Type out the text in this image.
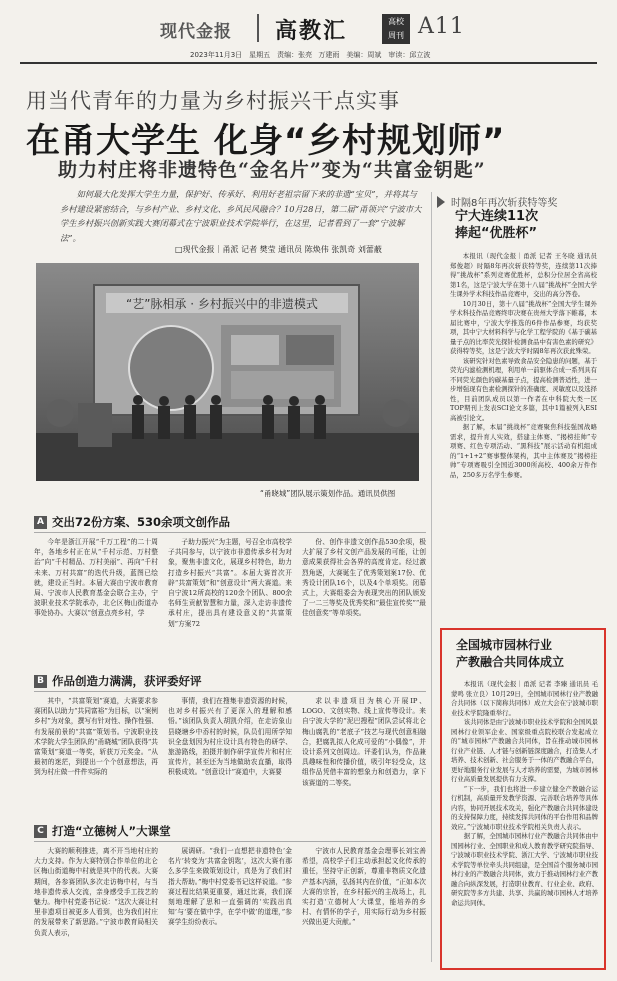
现代金报 高教汇	高校
周刊 A11
2023年11月3日　星期五　责编：张亮 万建雨　美编：周斌　审读：邱立波
用当代青年的力量为乡村振兴干点实事
在甬大学生 化身“乡村规划师”
助力村庄将非遗特色“金名片”变为“共富金钥匙”
如何最大化发挥大学生力量，保护好、传承好、利用好老祖宗留下来的非遗“宝贝”，并将其与乡村建设紧密结合，与乡村产业、乡村文化、乡风民风融合？10月28日，第二届“甬领兴”宁波市大学生乡村振兴创新实践大赛闭幕式在宁波职业技术学院举行，在这里，记者看到了一套“宁波解法”。
□现代金报｜甬派 记者 樊莹 通讯员 陈焕伟 张凯奇 刘蕾蔽
“艺”脉相承 · 乡村振兴中的非遗模式
“甬晓城”团队展示策划作品。通讯员供图
A 交出72份方案、530余项文创作品
今年是浙江开展“千万工程”的二十周年，各地乡村正在从“千村示范、万村整治”向“千村精品、万村美丽”、再向“千村未来、万村共富”的迭代升级，蓝图已绘就，建设正当时。本届大赛由宁波市教育局、宁波市人民教育基金会联合主办，宁波职业技术学院承办，北仑区梅山街道办事处协办。大赛以“创意点亮乡村，学
子助力振兴”为主题，号召全市高校学子共同参与，以宁波市非遗传承乡村为对象，聚焦非遗文化，展现乡村特色，助力打造乡村振兴“共富”。本届大赛首次开辟“共富策划”和“创意设计”两大赛道。来自宁波12所高校的120余个团队、800余名师生贡献智慧和力量，深入走访非遗传承村庄，提出具有建设意义的“共富策划”方案72
份、创作非遗文创作品530余项，极大扩展了乡村文创产品发展的可能，让创意成果获得社会各界的高度肯定。经过激烈角逐，大赛诞生了优秀策划案17份、优秀设计团队16个，以及4个单项奖。闭幕式上，大赛组委会为表现突出的团队颁发了一二三等奖及优秀奖和“最佳宣传奖”“最佳创意奖”等单项奖。
B 作品创造力满满，获评委好评
其中，“共富策划”赛道，大赛要求参赛团队以助力“共同富裕”为目标，以“案例乡村”为对象，撰写有针对性、操作性强、有发展前景的“共富”策划书。宁波职业技术学院大学生团队的“甬晓城”团队获得“共富策划”赛道一等奖，斩获万元奖金。“从最初的迷茫，到提出一个个创意想法，再到为村庄做一件件实际的
事情，我们在搜集非遗资源的时候，也对乡村振兴有了更深入的理解和感悟。”该团队负责人胡凯介绍，在走访象山县晓塘乡中岙村的时候，队员们用所学知识全盘划因为村庄设计具有特色的研学、旅游路线，拍摄并制作研学宣传片和村庄宣传片，甚至还为当地做助农直播，取得积极成效。“创意设计”赛道中，大赛要
求以非遗项目为核心开展IP、LOGO、文创实物、线上宣传等设计。来自宁波大学的“泥巴搜程”团队尝试将北仑梅山腐乳的“老底子”技艺与现代创意相融合，把腐乳拟人化成可爱的“小偶像”，并设计系列文创周边。评委们认为，作品兼具趣味性和传播价值，吸引年轻受众，这组作品凭借丰富的想象力和创造力，拿下该赛道的二等奖。
C 打造“立德树人”大课堂
大赛的顺利推进，离不开当地村庄的大力支持。作为大赛特别合作单位的北仑区梅山街道梅中村就是其中的代表。大赛期间，各参赛团队多次走访梅中村，与当地非遗传承人交流，亲身感受手工技艺的魅力。梅中村党委书记说：“这次大赛让村里非遗项目被更多人看到，也为我们村庄的发展带来了新思路。”宁波市教育局相关负责人表示，
展调研。“我们一直想把非遗特色‘金名片’转变为‘共富金钥匙’，这次大赛有那么多学生来做策划设计，真是为了我们村指大帮助。”梅中村党委书记这样说道。“参赛过程比结果更重要，通过比赛，我们深刻地理解了思和一直强调的‘实践出真知’与‘要在做中学，在学中做’的道理，”参赛学生纷纷表示。
宁波市人民教育基金会理事长刘宝善希望，高校学子们主动承担起文化传承的重任，坚持守正创新，尊重非物质文化遗产基本内涵，弘扬其内在价值，“正如本次大赛的宗旨，在乡村振兴的主战场上，扎实打造‘立德树人’大课堂，能培养的乡村、有情怀的学子，用实际行动为乡村振兴做出更大贡献。”
时隔8年再次斩获特等奖
宁大连续11次
捧起“优胜杯”

本报讯（现代金报｜甬派 记者 王冬晓 通讯员 郑俊超）时隔8年再次斩获特等奖，连续第11次捧得“挑战杯”系列竞赛优胜杯，总积分位居全省高校第1名，这是宁波大学在第十八届“挑战杯”全国大学生课外学术科技作品竞赛中，交出的高分答卷。

10月30日，第十八届“挑战杯”全国大学生课外学术科技作品竞赛终审决赛在贵州大学落下帷幕，本届比赛中，宁波大学推选的6件作品参赛，均获奖项，其中宁大材料科学与化学工程学院的《基于碳基量子点的比率荧光探针检测食品中有害色素的研究》获得特等奖，这是宁波大学时隔8年再次获此殊荣。

该研究针对色素导致食品安全隐患的问题，基于荧光内滤检测机理，利用单一前驱体合成一系列具有不同荧光颜色的碳基量子点，提高检测普适性，进一步增强现有色素检测探针的准确度、灵敏度以及选择性，目前团队成员以第一作者在中科院大类一区TOP期刊上发表SCI论文多篇，其中1篇被列入ESI高被引论文。

据了解，本届“挑战杯”竞赛聚焦科技强国战略需求，提升育人实效，搭建主体赛、“揭榜挂帅”专项赛、红色专项活动、“黑科技”展示活动有机组成的“1+1+2”赛事整体架构，其中主体赛及“揭榜挂帅”专项赛吸引全国近3000所高校、400余万件作品，250多万名学生参赛。

全国城市园林行业
产教融合共同体成立

本报讯（现代金报｜甬派 记者 李臻 通讯员 毛蒙鸣 张立良）10月29日，全国城市园林行业产教融合共同体（以下简称共同体）成立大会在宁波城市职业技术学院隆重举行。

该共同体是由宁波城市职业技术学院和全国风景园林行业领军企业、国家级重点院校联合发起成立的“城市园林”产教融合共同体，旨在推动城市园林行业产业链、人才链与创新链深度融合，打造集人才培养、技术创新、社会服务于一体的产教融合平台，更好地服务行业发展与人才培养的需要，为城市园林行业高质量发展提供有力支撑。

“下一步，我们也将进一步建立健全产教融合运行机制，高质量开发教学资源、完善联合培养等具体内容，协同开展技术攻关，强化产教融合共同体建设的支持保障力度，持续发挥共同体的平台作用和品牌效应。”宁波城市职业技术学院相关负责人表示。

据了解，全国城市园林行业产教融合共同体由中国园林行业、全国职业和成人教育教学研究院指导、宁波城市职业技术学院、浙江大学、宁波城市职业技术学院等单位牵头共同组建，是全国首个服务城市园林行业的产教融合共同体，致力于推动园林行业产教融合向纵深发展，打造职业教育、行业企业、政府、研究院等多方共建、共享、共赢的城市园林人才培养命运共同体。
